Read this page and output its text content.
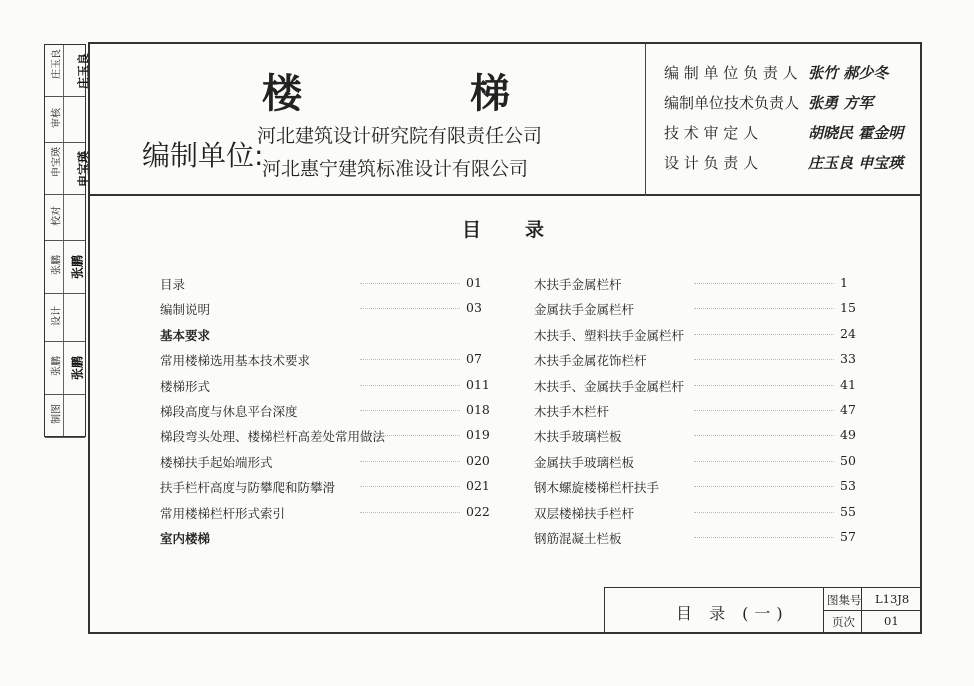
庄玉良 庄玉良
审核
申宝瑛 申宝瑛
校对
张鹏 张鹏
设计
张鹏 张鹏
制图
楼	梯
编制单位:
河北建筑设计研究院有限责任公司
河北惠宁建筑标准设计有限公司
编 制 单 位 负 责 人 张竹 郝少冬
编制单位技术负责人 张勇 方军
技 术 审 定 人	胡晓民 霍金明
设 计 负 责 人	庄玉良 申宝瑛
目录
目录	01
编制说明	03
基本要求
常用楼梯选用基本技术要求	07
楼梯形式	011
梯段高度与休息平台深度	018
梯段弯头处理、楼梯栏杆高差处常用做法	019
楼梯扶手起始端形式	020
扶手栏杆高度与防攀爬和防攀滑	021
常用楼梯栏杆形式索引	022
室内楼梯
木扶手金属栏杆	1
金属扶手金属栏杆	15
木扶手、塑料扶手金属栏杆	24
木扶手金属花饰栏杆	33
木扶手、金属扶手金属栏杆	41
木扶手木栏杆	47
木扶手玻璃栏板	49
金属扶手玻璃栏板	50
钢木螺旋楼梯栏杆扶手	53
双层楼梯扶手栏杆	55
钢筋混凝土栏板	57
目 录 (一)
图集号 L13J8
页次	01
